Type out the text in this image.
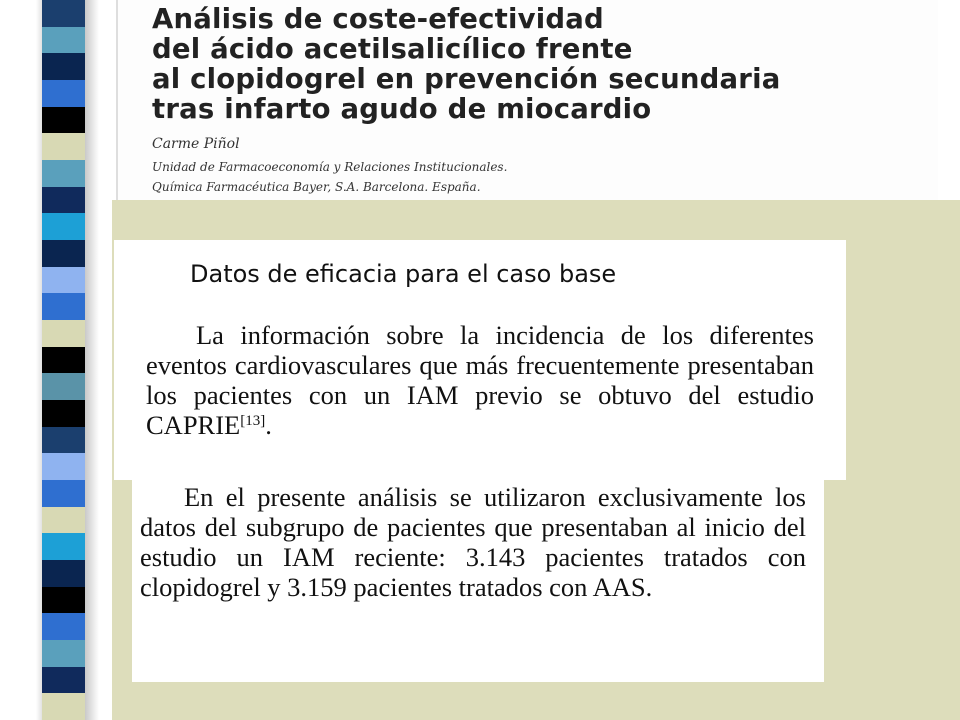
Análisis de coste-efectividad
del ácido acetilsalicílico frente
al clopidogrel en prevención secundaria
tras infarto agudo de miocardio
Carme Piñol
Unidad de Farmacoeconomía y Relaciones Institucionales.
Química Farmacéutica Bayer, S.A. Barcelona. España.
Datos de eficacia para el caso base
La información sobre la incidencia de los diferentes eventos cardiovasculares que más frecuentemente presentaban los pacientes con un IAM previo se obtuvo del estudio CAPRIE[13].
En el presente análisis se utilizaron exclusivamente los datos del subgrupo de pacientes que presentaban al inicio del estudio un IAM reciente: 3.143 pacientes tratados con clopidogrel y 3.159 pacientes tratados con AAS.
